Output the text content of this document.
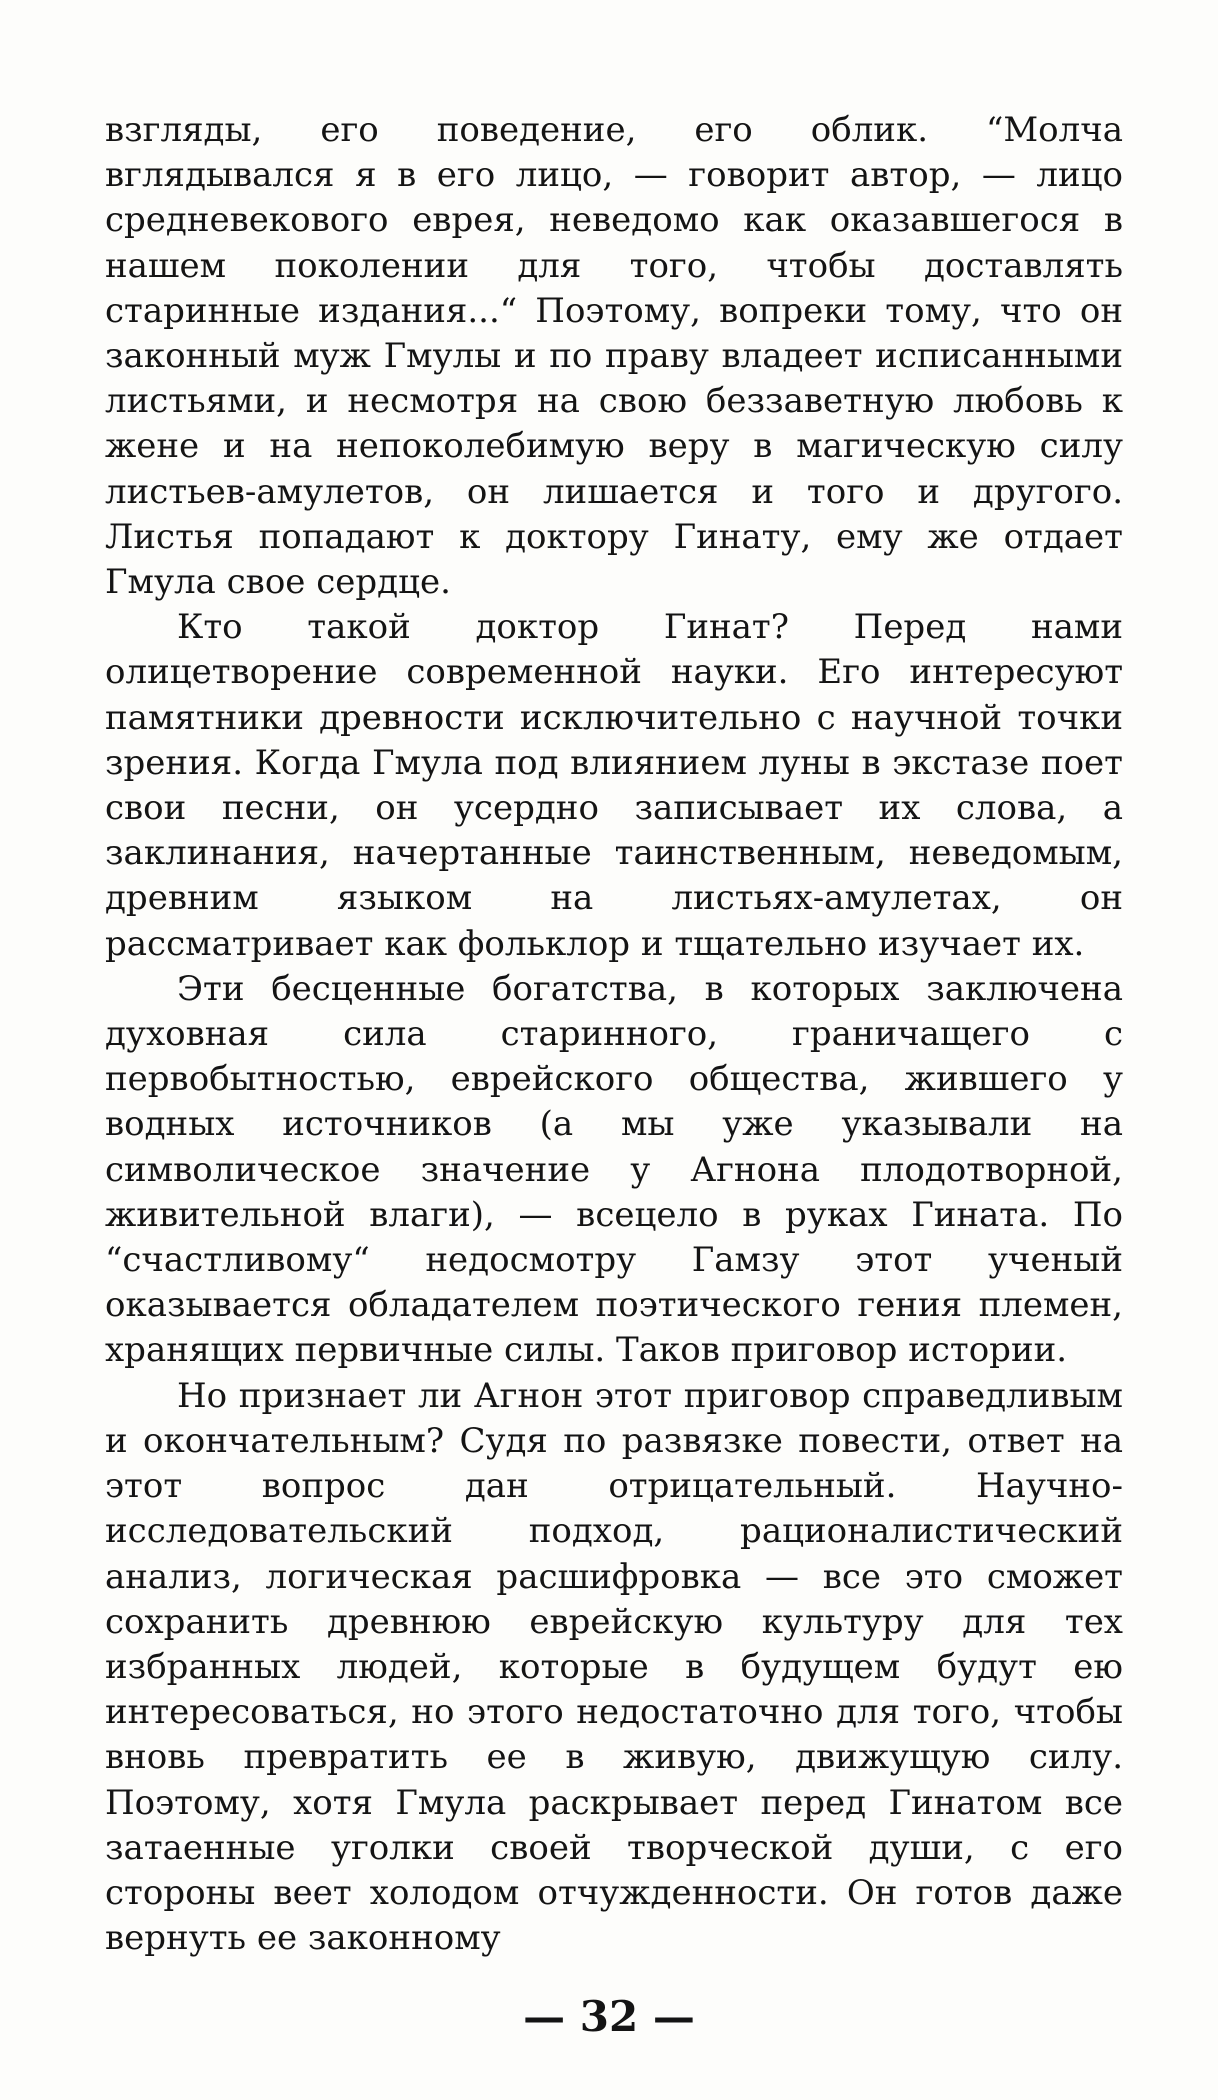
взгляды, его поведение, его облик. “Молча вглядывался я в его лицо, — говорит автор, — лицо средневекового еврея, неведомо как оказавшегося в нашем поколении для того, чтобы доставлять старинные издания...“ Поэтому, вопреки тому, что он законный муж Гмулы и по праву владеет исписанными листьями, и несмотря на свою беззаветную любовь к жене и на непоколебимую веру в магическую силу листьев-амулетов, он лишается и того и другого. Листья попадают к доктору Гинату, ему же отдает Гмула свое сердце.

Кто такой доктор Гинат? Перед нами олицетворение современной науки. Его интересуют памятники древности исключительно с научной точки зрения. Когда Гмула под влиянием луны в экстазе поет свои песни, он усердно записывает их слова, а заклинания, начертанные таинственным, неведомым, древним языком на листьях-амулетах, он рассматривает как фольклор и тщательно изучает их.

Эти бесценные богатства, в которых заключена духовная сила старинного, граничащего с первобытностью, еврейского общества, жившего у водных источников (а мы уже указывали на символическое значение у Агнона плодотворной, живительной влаги), — всецело в руках Гината. По “счастливому“ недосмотру Гамзу этот ученый оказывается обладателем поэтического гения племен, хранящих первичные силы. Таков приговор истории.

Но признает ли Агнон этот приговор справедливым и окончательным? Судя по развязке повести, ответ на этот вопрос дан отрицательный. Научно-исследовательский подход, рационалистический анализ, логическая расшифровка — все это сможет сохранить древнюю еврейскую культуру для тех избранных людей, которые в будущем будут ею интересоваться, но этого недостаточно для того, чтобы вновь превратить ее в живую, движущую силу. Поэтому, хотя Гмула раскрывает перед Гинатом все затаенные уголки своей творческой души, с его стороны веет холодом отчужденности. Он готов даже вернуть ее законному

— 32 —
